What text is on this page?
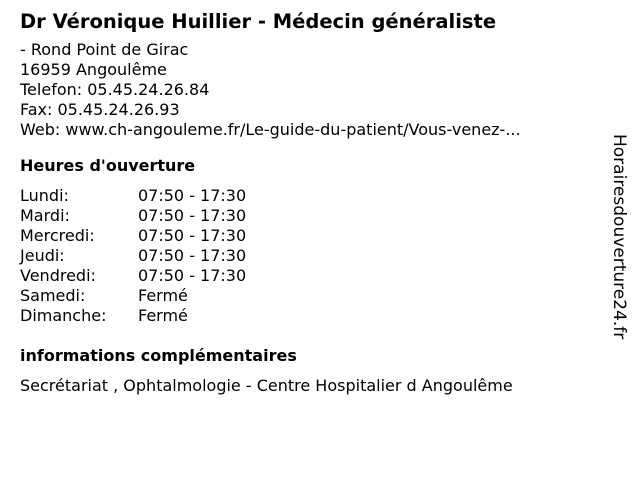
Dr Véronique Huillier - Médecin généraliste
- Rond Point de Girac
16959 Angoulême
Telefon: 05.45.24.26.84
Fax: 05.45.24.26.93
Web: www.ch-angouleme.fr/Le-guide-du-patient/Vous-venez-...
Heures d'ouverture
Lundi:	07:50 - 17:30
Mardi:	07:50 - 17:30
Mercredi:	07:50 - 17:30
Jeudi:	07:50 - 17:30
Vendredi:	07:50 - 17:30
Samedi:	Fermé
Dimanche:	Fermé
informations complémentaires
Secrétariat , Ophtalmologie - Centre Hospitalier d Angoulême
Horairesdouverture24.fr
